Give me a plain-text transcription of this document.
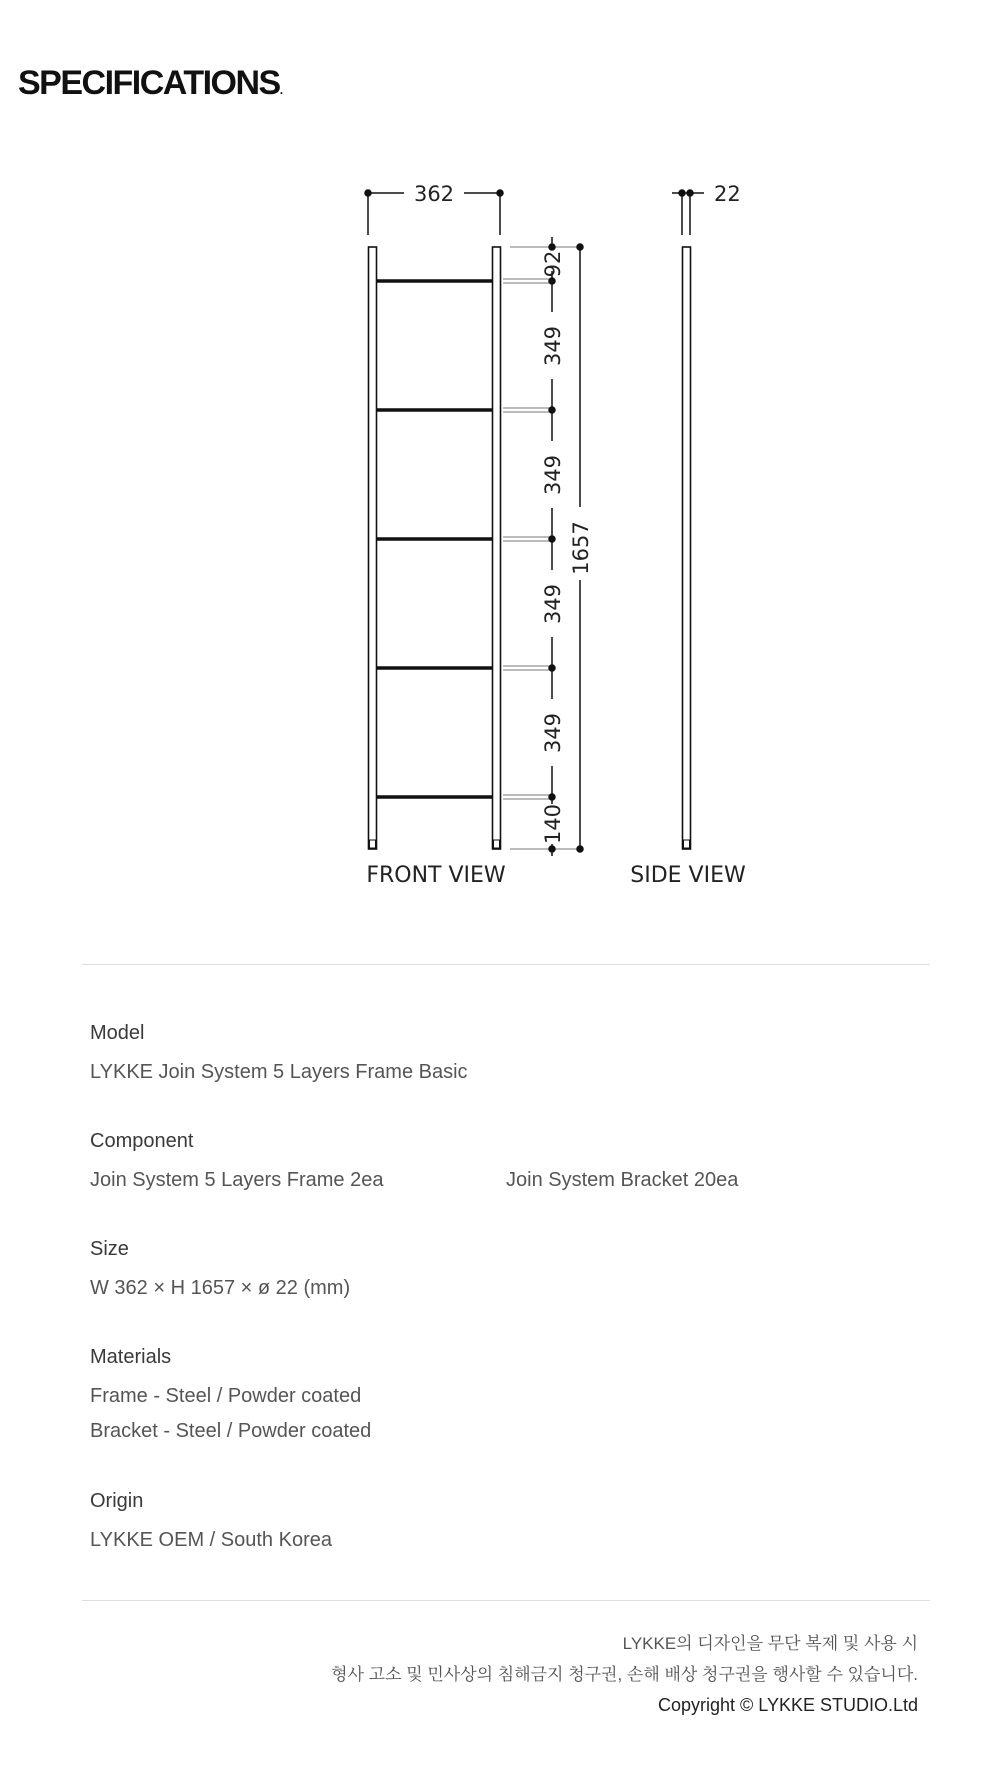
SPECIFICATIONS.
362
92
349
349
349
349
140
1657
22
FRONT VIEW	SIDE VIEW

Model

LYKKE Join System 5 Layers Frame Basic

Component

Join System 5 Layers Frame 2ea	Join System Bracket 20ea

Size

W 362 × H 1657 × ø 22 (mm)

Materials

Frame - Steel / Powder coated

Bracket - Steel / Powder coated

Origin

LYKKE OEM / South Korea

LYKKE의 디자인을 무단 복제 및 사용 시

형사 고소 및 민사상의 침해금지 청구권, 손해 배상 청구권을 행사할 수 있습니다.

Copyright © LYKKE STUDIO.Ltd
